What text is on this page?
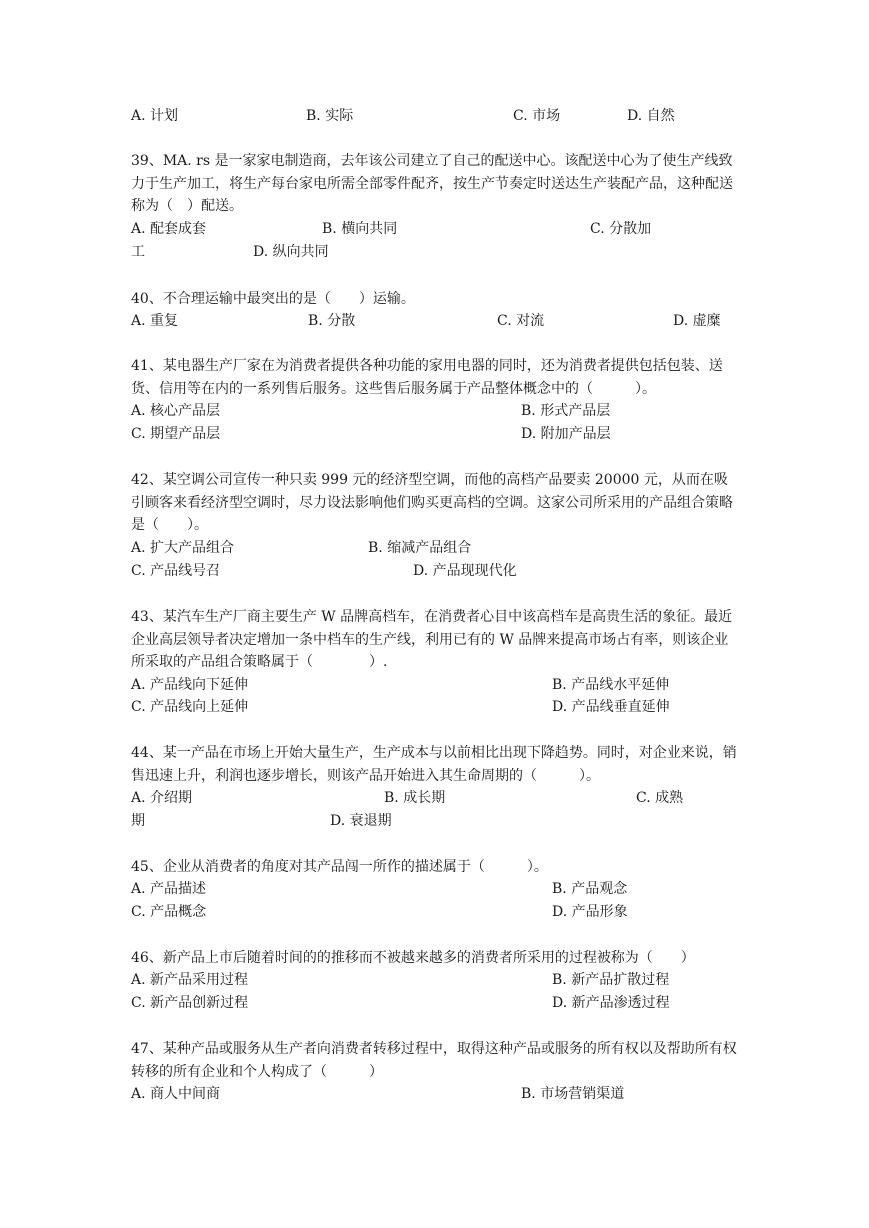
39、MA. rs 是一家家电制造商，去年该公司建立了自己的配送中心。该配送中心为了使生产线致力于生产加工，将生产每台家电所需全部零件配齐，按生产节奏定时送达生产装配产品，这种配送称为（　）配送。
40、不合理运输中最突出的是（　　）运输。
41、某电器生产厂家在为消费者提供各种功能的家用电器的同时，还为消费者提供包括包装、送货、信用等在内的一系列售后服务。这些售后服务属于产品整体概念中的（　　　）。
42、某空调公司宣传一种只卖 999 元的经济型空调，而他的高档产品要卖 20000 元，从而在吸引顾客来看经济型空调时，尽力设法影响他们购买更高档的空调。这家公司所采用的产品组合策略是（　　）。
43、某汽车生产厂商主要生产 W 品牌高档车，在消费者心目中该高档车是高贵生活的象征。最近企业高层领导者决定增加一条中档车的生产线，利用已有的 W 品牌来提高市场占有率，则该企业所采取的产品组合策略属于（　　　　）.
44、某一产品在市场上开始大量生产，生产成本与以前相比出现下降趋势。同时，对企业来说，销售迅速上升，利润也逐步增长，则该产品开始进入其生命周期的（　　　）。
45、企业从消费者的角度对其产品闯一所作的描述属于（　　　）。
46、新产品上市后随着时间的的推移而不被越来越多的消费者所采用的过程被称为（　　）
47、某种产品或服务从生产者向消费者转移过程中，取得这种产品或服务的所有权以及帮助所有权转移的所有企业和个人构成了（　　　）
A. 计划	B. 实际	C. 市场	D. 自然
A. 配套成套	B. 横向共同	C. 分散加
工	D. 纵向共同
A. 重复	B. 分散	C. 对流	D. 虚糜
A. 核心产品层	B. 形式产品层
C. 期望产品层	D. 附加产品层
A. 扩大产品组合	B. 缩减产品组合
C. 产品线号召	D. 产品现现代化
A. 产品线向下延伸	B. 产品线水平延伸
C. 产品线向上延伸	D. 产品线垂直延伸
A. 介绍期	B. 成长期	C. 成熟
期	D. 衰退期
A. 产品描述	B. 产品观念
C. 产品概念	D. 产品形象
A. 新产品采用过程	B. 新产品扩散过程
C. 新产品创新过程	D. 新产品渗透过程
A. 商人中间商	B. 市场营销渠道
